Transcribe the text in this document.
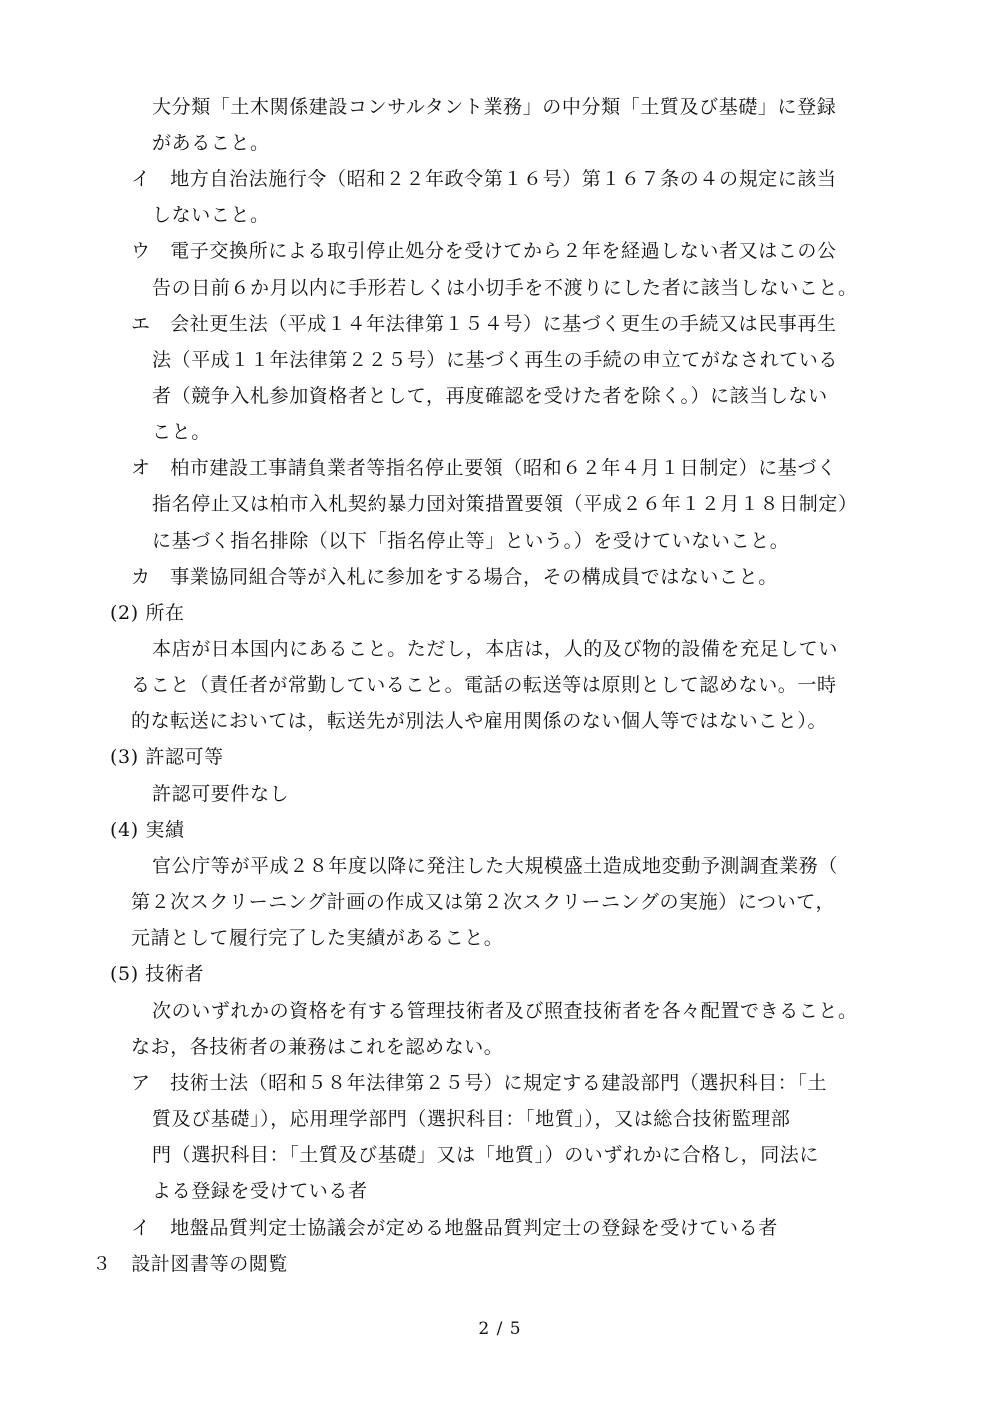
大分類「土木関係建設コンサルタント業務」の中分類「土質及び基礎」に登録
があること。
イ　地方自治法施行令（昭和２２年政令第１６号）第１６７条の４の規定に該当
しないこと。
ウ　電子交換所による取引停止処分を受けてから２年を経過しない者又はこの公
告の日前６か月以内に手形若しくは小切手を不渡りにした者に該当しないこと。
エ　会社更生法（平成１４年法律第１５４号）に基づく更生の手続又は民事再生
法（平成１１年法律第２２５号）に基づく再生の手続の申立てがなされている
者（競争入札参加資格者として，再度確認を受けた者を除く。）に該当しない
こと。
オ　柏市建設工事請負業者等指名停止要領（昭和６２年４月１日制定）に基づく
指名停止又は柏市入札契約暴力団対策措置要領（平成２６年１２月１８日制定）
に基づく指名排除（以下「指名停止等」という。）を受けていないこと。
カ　事業協同組合等が入札に参加をする場合，その構成員ではないこと。
(2) 所在
本店が日本国内にあること。ただし，本店は，人的及び物的設備を充足してい
ること（責任者が常勤していること。電話の転送等は原則として認めない。一時
的な転送においては，転送先が別法人や雇用関係のない個人等ではないこと）。
(3) 許認可等
許認可要件なし
(4) 実績
官公庁等が平成２８年度以降に発注した大規模盛土造成地変動予測調査業務（
第２次スクリーニング計画の作成又は第２次スクリーニングの実施）について，
元請として履行完了した実績があること。
(5) 技術者
次のいずれかの資格を有する管理技術者及び照査技術者を各々配置できること。
なお，各技術者の兼務はこれを認めない。
ア　技術士法（昭和５８年法律第２５号）に規定する建設部門（選択科目：「土
質及び基礎」），応用理学部門（選択科目：「地質」），又は総合技術監理部
門（選択科目：「土質及び基礎」又は「地質」）のいずれかに合格し，同法に
よる登録を受けている者
イ　地盤品質判定士協議会が定める地盤品質判定士の登録を受けている者
３　設計図書等の閲覧
2 / 5
